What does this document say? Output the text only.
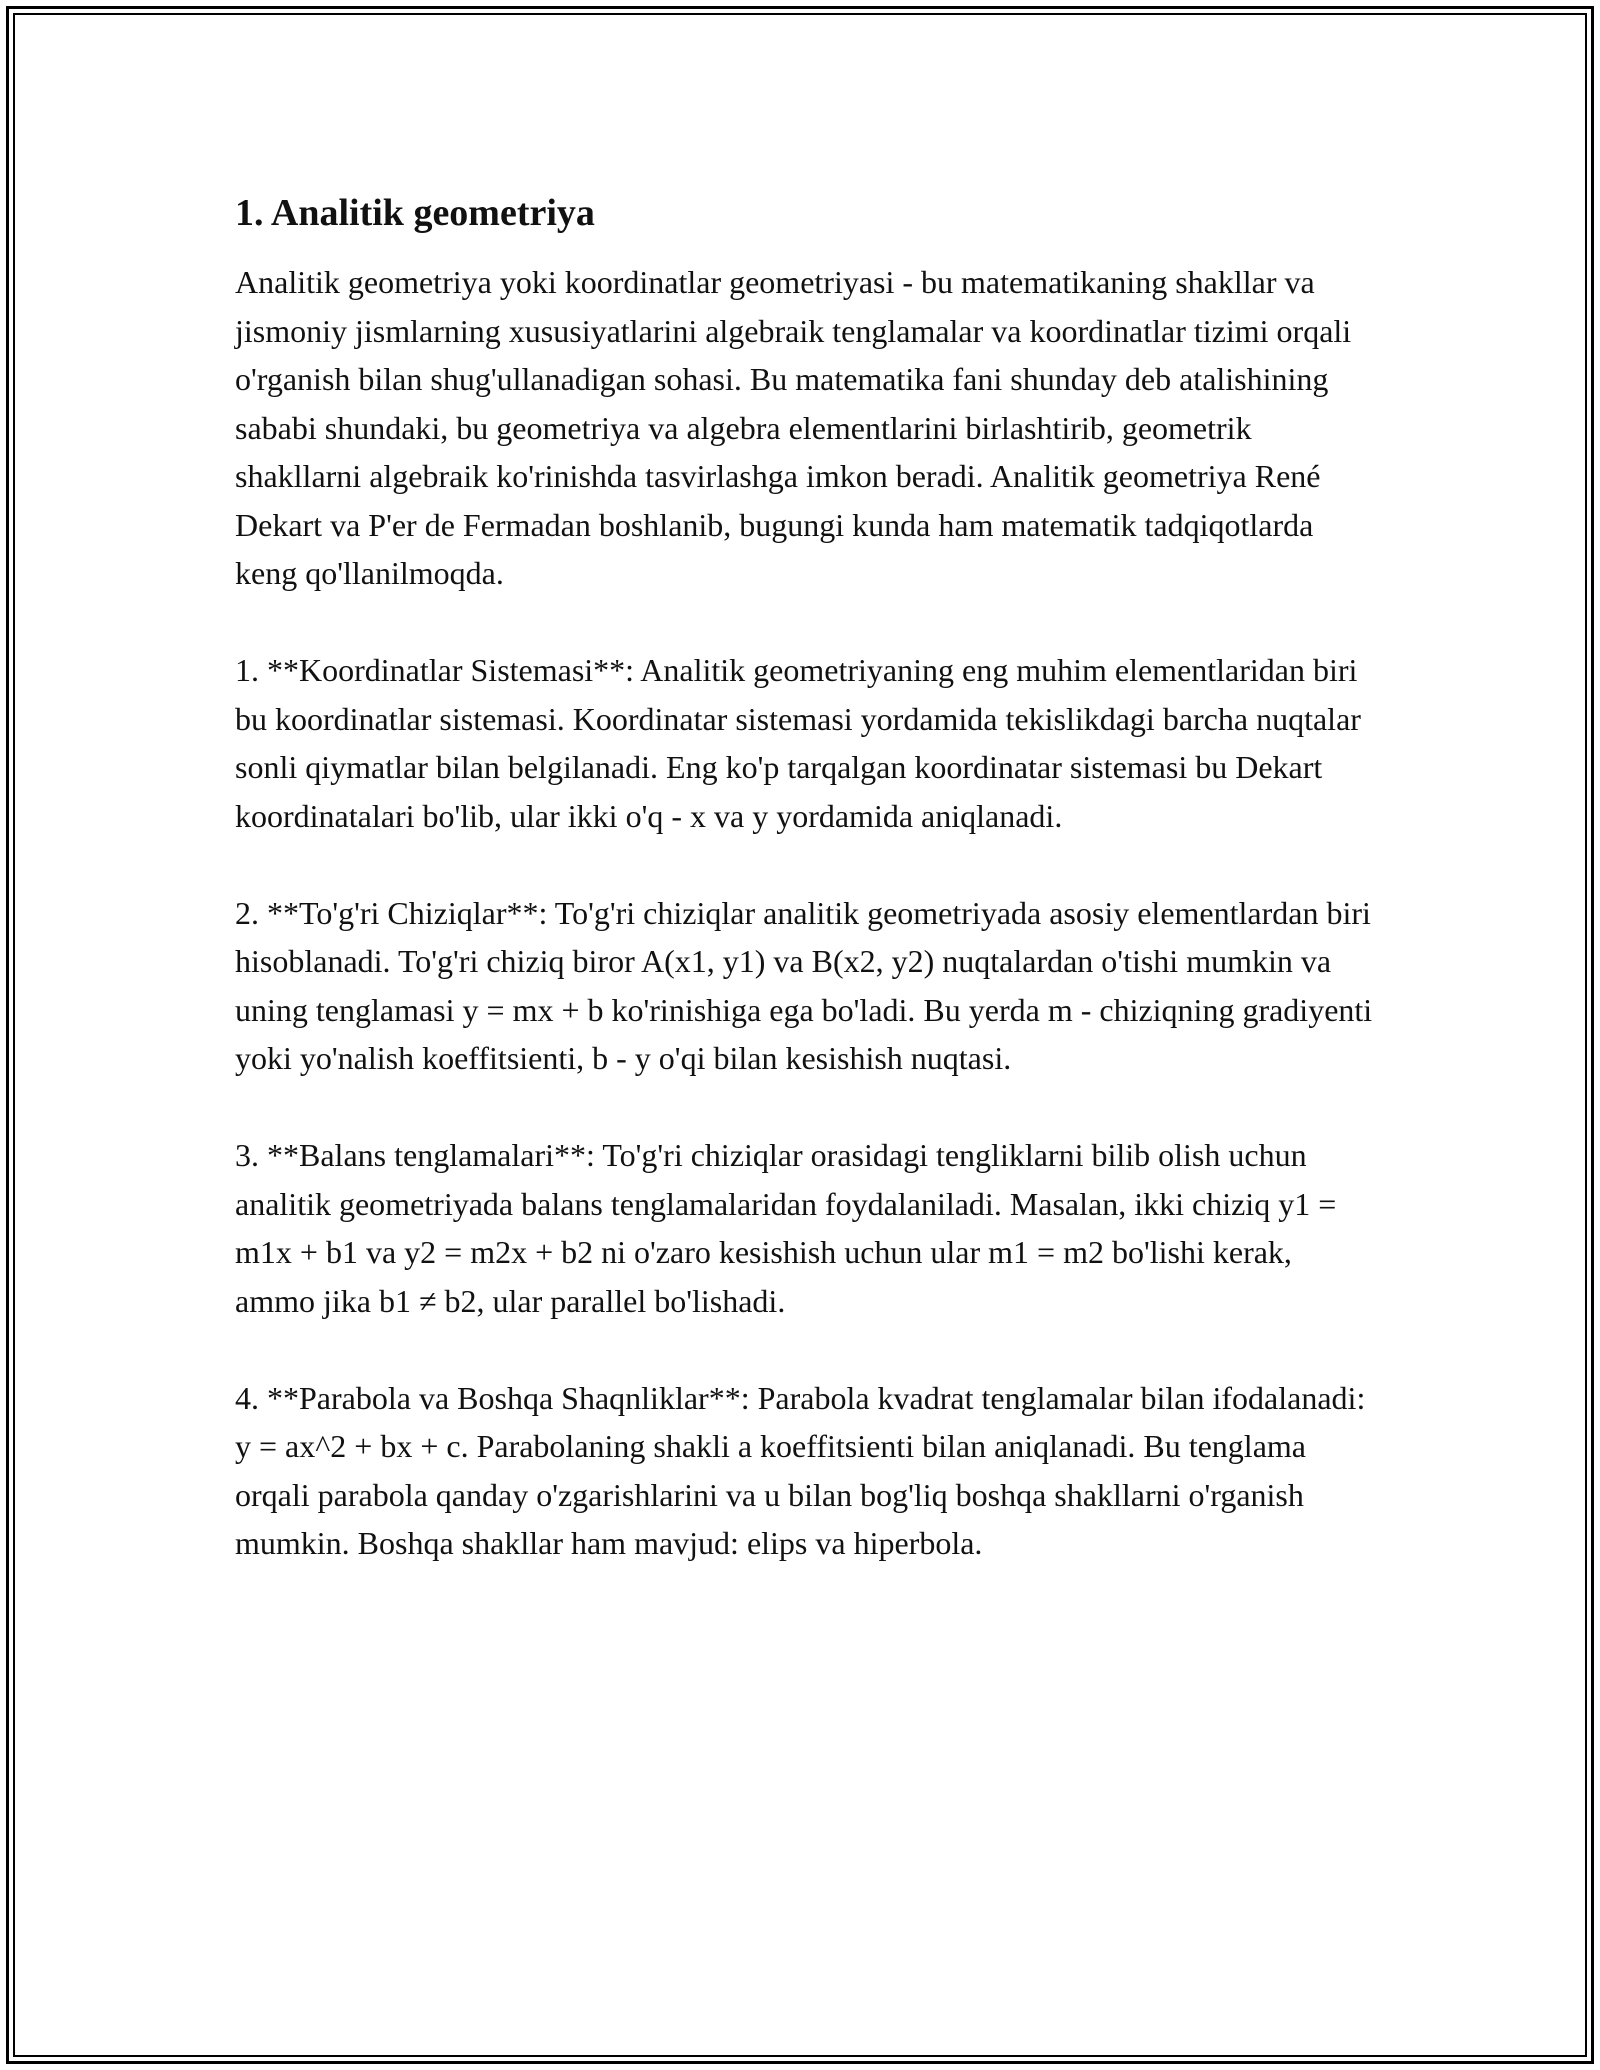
1. Analitik geometriya

Analitik geometriya yoki koordinatlar geometriyasi - bu matematikaning shakllar va jismoniy jismlarning xususiyatlarini algebraik tenglamalar va koordinatlar tizimi orqali o'rganish bilan shug'ullanadigan sohasi. Bu matematika fani shunday deb atalishining sababi shundaki, bu geometriya va algebra elementlarini birlashtirib, geometrik shakllarni algebraik ko'rinishda tasvirlashga imkon beradi. Analitik geometriya René Dekart va P'er de Fermadan boshlanib, bugungi kunda ham matematik tadqiqotlarda keng qo'llanilmoqda.

1. **Koordinatlar Sistemasi**: Analitik geometriyaning eng muhim elementlaridan biri bu koordinatlar sistemasi. Koordinatar sistemasi yordamida tekislikdagi barcha nuqtalar sonli qiymatlar bilan belgilanadi. Eng ko'p tarqalgan koordinatar sistemasi bu Dekart koordinatalari bo'lib, ular ikki o'q - x va y yordamida aniqlanadi.

2. **To'g'ri Chiziqlar**: To'g'ri chiziqlar analitik geometriyada asosiy elementlardan biri hisoblanadi. To'g'ri chiziq biror A(x1, y1) va B(x2, y2) nuqtalardan o'tishi mumkin va uning tenglamasi y = mx + b ko'rinishiga ega bo'ladi. Bu yerda m - chiziqning gradiyenti yoki yo'nalish koeffitsienti, b - y o'qi bilan kesishish nuqtasi.

3. **Balans tenglamalari**: To'g'ri chiziqlar orasidagi tengliklarni bilib olish uchun analitik geometriyada balans tenglamalaridan foydalaniladi. Masalan, ikki chiziq y1 = m1x + b1 va y2 = m2x + b2 ni o'zaro kesishish uchun ular m1 = m2 bo'lishi kerak, ammo jika b1 ≠ b2, ular parallel bo'lishadi.

4. **Parabola va Boshqa Shaqnliklar**: Parabola kvadrat tenglamalar bilan ifodalanadi: y = ax^2 + bx + c. Parabolaning shakli a koeffitsienti bilan aniqlanadi. Bu tenglama orqali parabola qanday o'zgarishlarini va u bilan bog'liq boshqa shakllarni o'rganish mumkin. Boshqa shakllar ham mavjud: elips va hiperbola.
